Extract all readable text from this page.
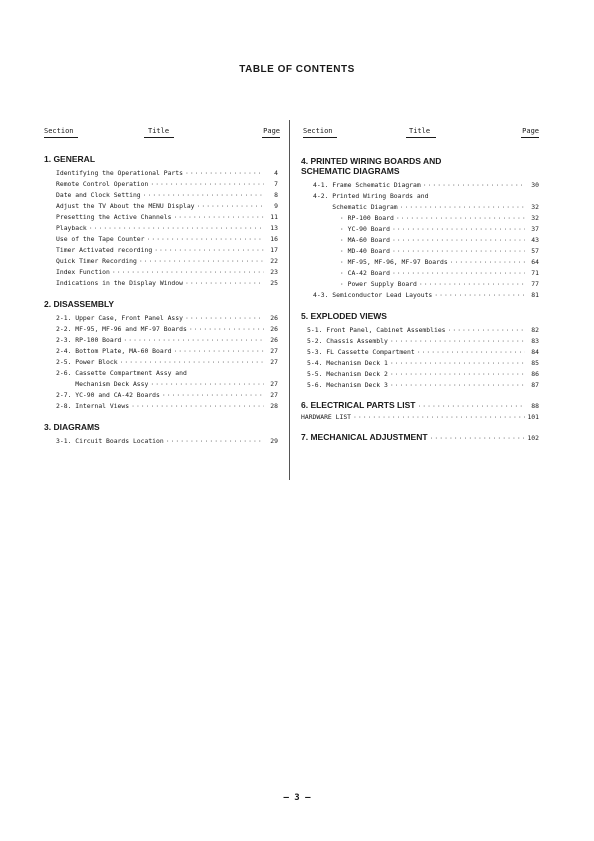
TABLE OF CONTENTS
Section	Title	Page	Section	Title	Page
1. GENERAL
Identifying the Operational Parts ·····	4
Remote Control Operation ·····	7
Date and Clock Setting ·····	8
Adjust the TV About the MENU Display ·····	9
Presetting the Active Channels ·····	11
Playback ·····	13
Use of the Tape Counter ·····	16
Timer Activated recording ·····	17
Quick Timer Recording ·····	22
Index Function ·····	23
Indications in the Display Window ·····	25
2. DISASSEMBLY
2-1. Upper Case, Front Panel Assy ·····	26
2-2. MF-95, MF-96 and MF-97 Boards ·····	26
2-3. RP-100 Board ·····	26
2-4. Bottom Plate, MA-60 Board ·····	27
2-5. Power Block ·····	27
2-6. Cassette Compartment Assy and
Mechanism Deck Assy ·····	27
2-7. YC-90 and CA-42 Boards ·····	27
2-8. Internal Views ·····	28
3. DIAGRAMS
3-1. Circuit Boards Location ·····	29
4. PRINTED WIRING BOARDS AND SCHEMATIC DIAGRAMS
4-1. Frame Schematic Diagram ·····	30
4-2. Printed Wiring Boards and
Schematic Diagram ·····	32
· RP-100 Board ·····	32
· YC-90 Board ·····	37
· MA-60 Board ·····	43
· MD-40 Board ·····	57
· MF-95, MF-96, MF-97 Boards ·····	64
· CA-42 Board ·····	71
· Power Supply Board ·····	77
4-3. Semiconductor Lead Layouts ·····	81
5. EXPLODED VIEWS
5-1. Front Panel, Cabinet Assemblies ·····	82
5-2. Chassis Assembly ·····	83
5-3. FL Cassette Compartment ·····	84
5-4. Mechanism Deck 1 ·····	85
5-5. Mechanism Deck 2 ·····	86
5-6. Mechanism Deck 3 ·····	87
6. ELECTRICAL PARTS LIST ·····	88
HARDWARE LIST ·····	101
7. MECHANICAL ADJUSTMENT ·····	102
— 3 —
